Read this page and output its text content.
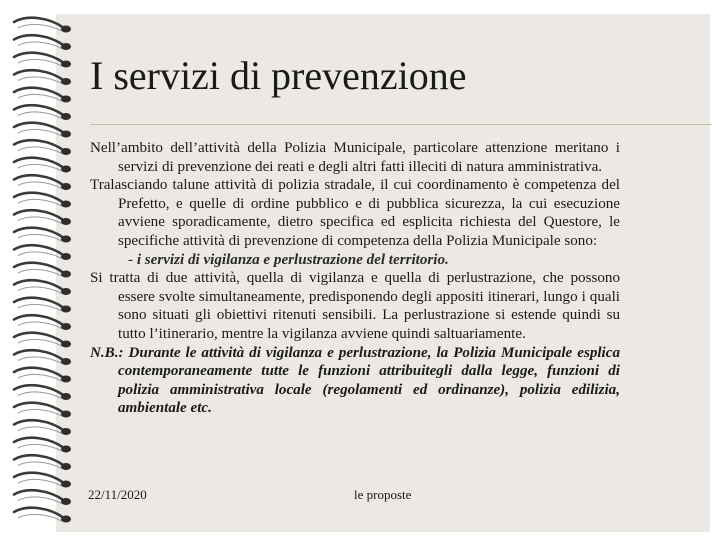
I servizi di prevenzione

Nell’ambito dell’attività della Polizia Municipale, particolare attenzione meritano i servizi di prevenzione dei reati e degli altri fatti illeciti di natura amministrativa.

Tralasciando talune attività di polizia stradale, il cui coordinamento è competenza del Prefetto, e quelle di ordine pubblico e di pubblica sicurezza, la cui esecuzione avviene sporadicamente, dietro specifica ed esplicita richiesta del Questore, le specifiche attività di prevenzione di competenza della Polizia Municipale sono:

- i servizi di vigilanza e perlustrazione del territorio.

Si tratta di due attività, quella di vigilanza e quella di perlustrazione, che possono essere svolte simultaneamente, predisponendo degli appositi itinerari, lungo i quali sono situati gli obiettivi ritenuti sensibili. La perlustrazione si estende quindi su tutto l’itinerario, mentre la vigilanza avviene quindi saltuariamente.

N.B.: Durante le attività di vigilanza e perlustrazione, la Polizia Municipale esplica contemporaneamente tutte le funzioni attribuitegli dalla legge, funzioni di polizia amministrativa locale (regolamenti ed ordinanze), polizia edilizia, ambientale etc.

22/11/2020	le proposte
